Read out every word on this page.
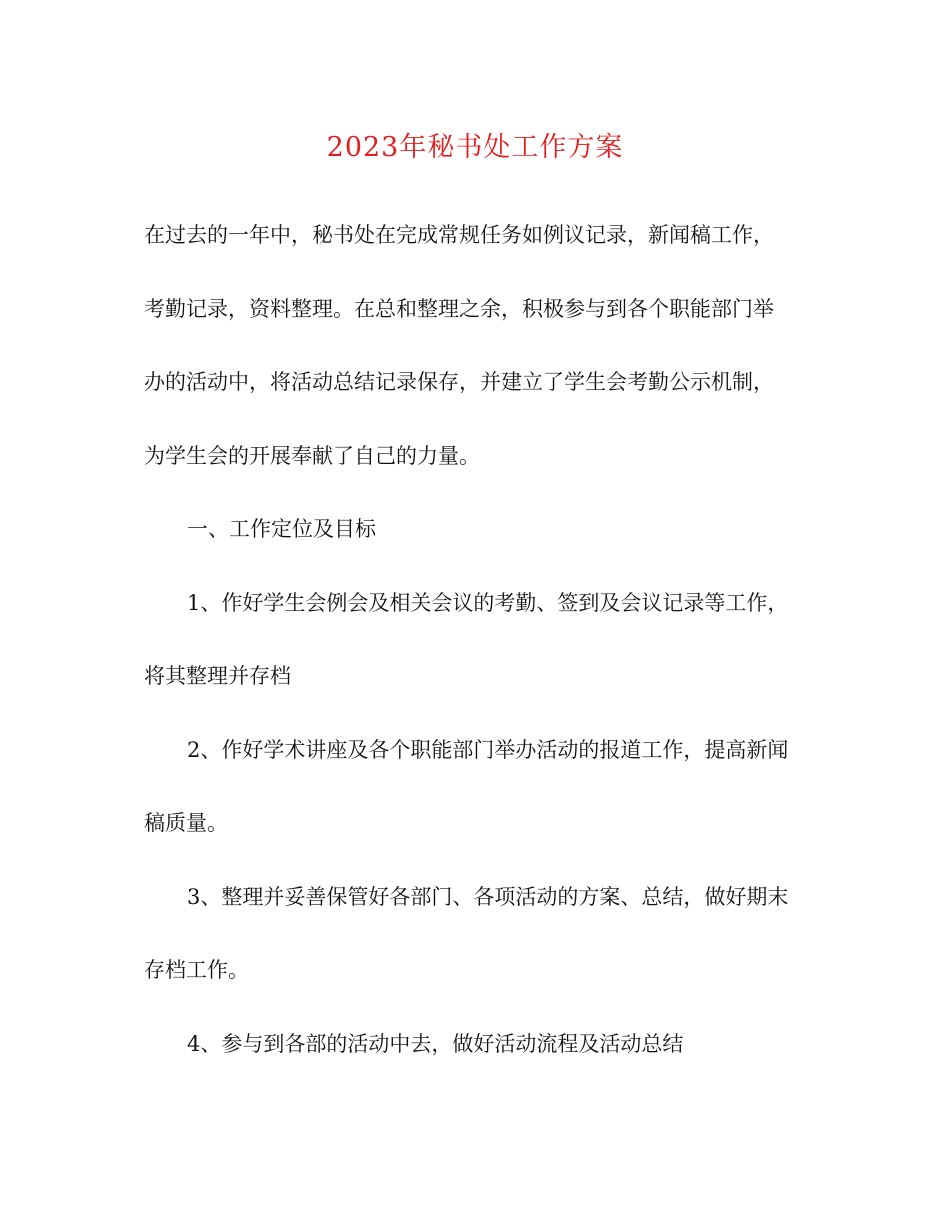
2023年秘书处工作方案
在过去的一年中，秘书处在完成常规任务如例议记录，新闻稿工作，
考勤记录，资料整理。在总和整理之余，积极参与到各个职能部门举
办的活动中，将活动总结记录保存，并建立了学生会考勤公示机制，
为学生会的开展奉献了自己的力量。
一、工作定位及目标
1、作好学生会例会及相关会议的考勤、签到及会议记录等工作，
将其整理并存档
2、作好学术讲座及各个职能部门举办活动的报道工作，提高新闻
稿质量。
3、整理并妥善保管好各部门、各项活动的方案、总结，做好期末
存档工作。
4、参与到各部的活动中去，做好活动流程及活动总结
